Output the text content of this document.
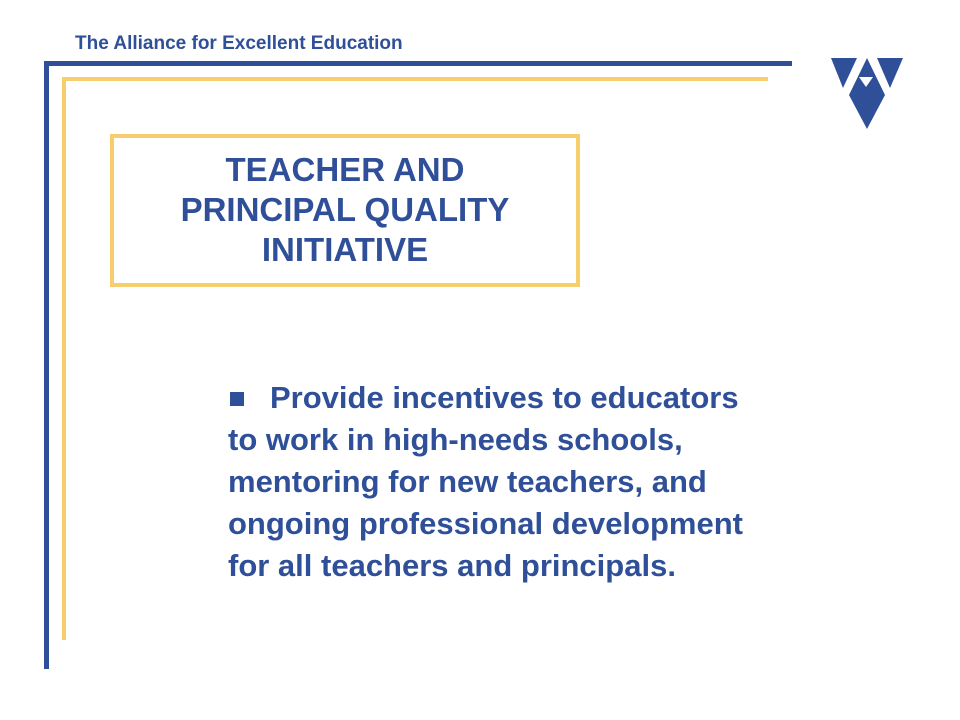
The Alliance for Excellent Education
TEACHER AND
PRINCIPAL QUALITY
INITIATIVE
Provide incentives to educators
to work in high-needs schools,
mentoring for new teachers, and
ongoing professional development
for all teachers and principals.
